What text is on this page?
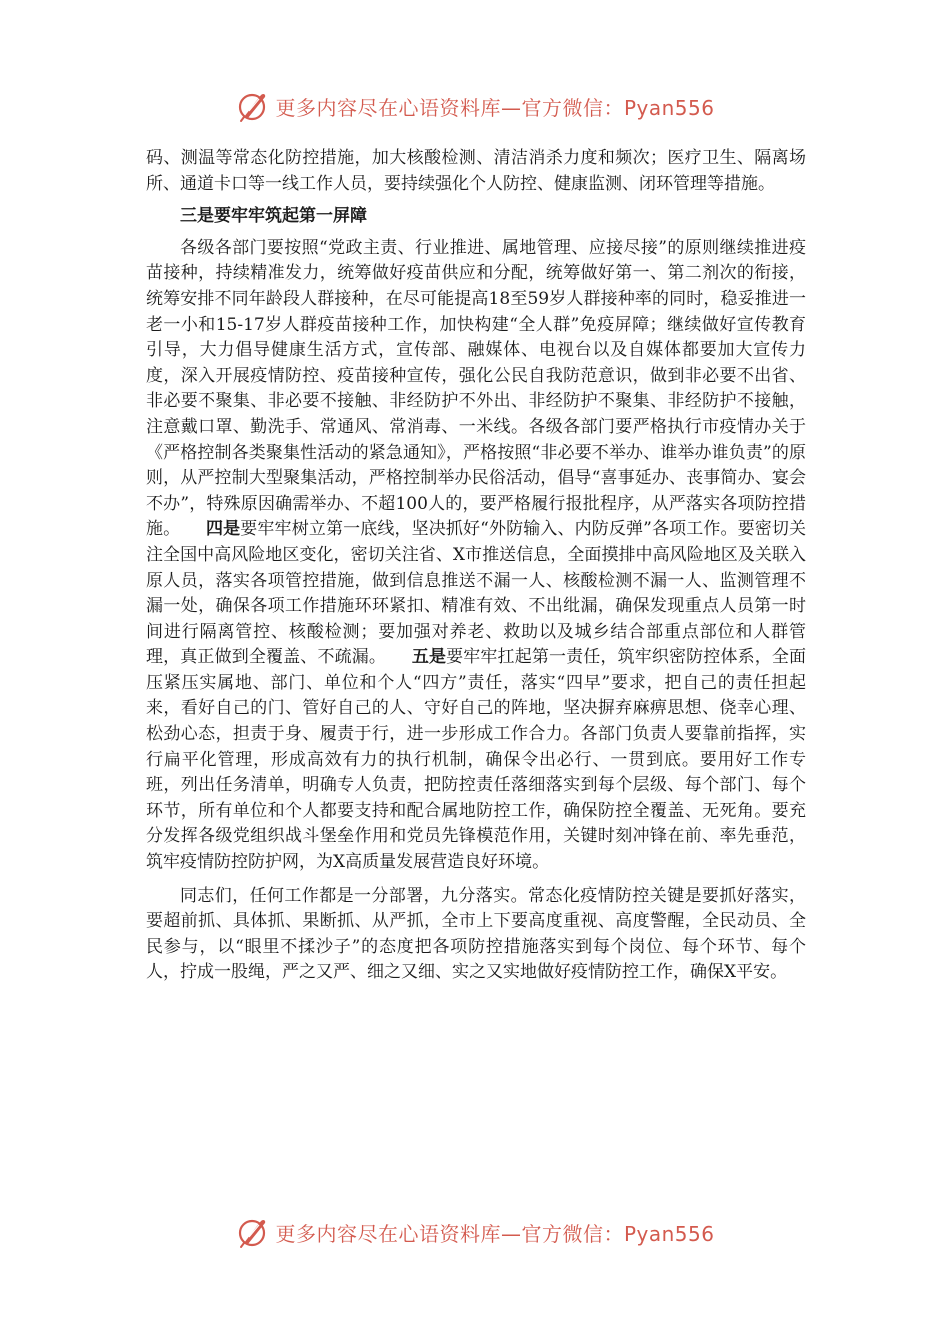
更多内容尽在心语资料库—官方微信：Pyan556

码、测温等常态化防控措施，加大核酸检测、清洁消杀力度和频次；医疗卫生、隔离场所、通道卡口等一线工作人员，要持续强化个人防控、健康监测、闭环管理等措施。

三是要牢牢筑起第一屏障

各级各部门要按照“党政主责、行业推进、属地管理、应接尽接”的原则继续推进疫苗接种，持续精准发力，统筹做好疫苗供应和分配，统筹做好第一、第二剂次的衔接，统筹安排不同年龄段人群接种，在尽可能提高18至59岁人群接种率的同时，稳妥推进一老一小和15-17岁人群疫苗接种工作，加快构建“全人群”免疫屏障；继续做好宣传教育引导，大力倡导健康生活方式，宣传部、融媒体、电视台以及自媒体都要加大宣传力度，深入开展疫情防控、疫苗接种宣传，强化公民自我防范意识，做到非必要不出省、非必要不聚集、非必要不接触、非经防护不外出、非经防护不聚集、非经防护不接触，注意戴口罩、勤洗手、常通风、常消毒、一米线。各级各部门要严格执行市疫情办关于《严格控制各类聚集性活动的紧急通知》，严格按照“非必要不举办、谁举办谁负责”的原则，从严控制大型聚集活动，严格控制举办民俗活动，倡导“喜事延办、丧事简办、宴会不办”，特殊原因确需举办、不超100人的，要严格履行报批程序，从严落实各项防控措施。　　 四是要牢牢树立第一底线，坚决抓好“外防输入、内防反弹”各项工作。要密切关注全国中高风险地区变化，密切关注省、X市推送信息，全面摸排中高风险地区及关联入原人员，落实各项管控措施，做到信息推送不漏一人、核酸检测不漏一人、监测管理不漏一处，确保各项工作措施环环紧扣、精准有效、不出纰漏，确保发现重点人员第一时间进行隔离管控、核酸检测；要加强对养老、救助以及城乡结合部重点部位和人群管理，真正做到全覆盖、不疏漏。　　 五是要牢牢扛起第一责任，筑牢织密防控体系，全面压紧压实属地、部门、单位和个人“四方”责任，落实“四早”要求，把自己的责任担起来，看好自己的门、管好自己的人、守好自己的阵地，坚决摒弃麻痹思想、侥幸心理、松劲心态，担责于身、履责于行，进一步形成工作合力。各部门负责人要靠前指挥，实行扁平化管理，形成高效有力的执行机制，确保令出必行、一贯到底。要用好工作专班，列出任务清单，明确专人负责，把防控责任落细落实到每个层级、每个部门、每个环节，所有单位和个人都要支持和配合属地防控工作，确保防控全覆盖、无死角。要充分发挥各级党组织战斗堡垒作用和党员先锋模范作用，关键时刻冲锋在前、率先垂范，筑牢疫情防控防护网，为X高质量发展营造良好环境。

同志们，任何工作都是一分部署，九分落实。常态化疫情防控关键是要抓好落实，要超前抓、具体抓、果断抓、从严抓，全市上下要高度重视、高度警醒，全民动员、全民参与，以“眼里不揉沙子”的态度把各项防控措施落实到每个岗位、每个环节、每个人，拧成一股绳，严之又严、细之又细、实之又实地做好疫情防控工作，确保X平安。

更多内容尽在心语资料库—官方微信：Pyan556
